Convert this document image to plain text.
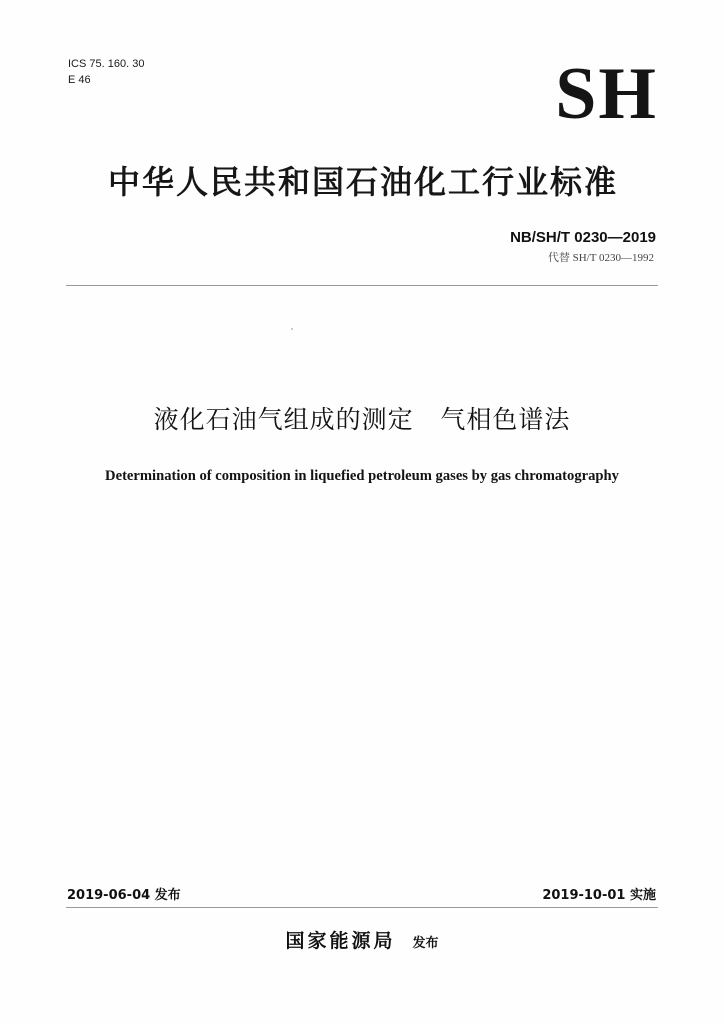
ICS 75. 160. 30
E 46	SH
中华人民共和国石油化工行业标准
NB/SH/T 0230—2019
代替 SH/T 0230—1992
液化石油气组成的测定   气相色谱法
Determination of composition in liquefied petroleum gases by gas chromatography
2019-06-04 发布	2019-10-01 实施
国家能源局 发布
